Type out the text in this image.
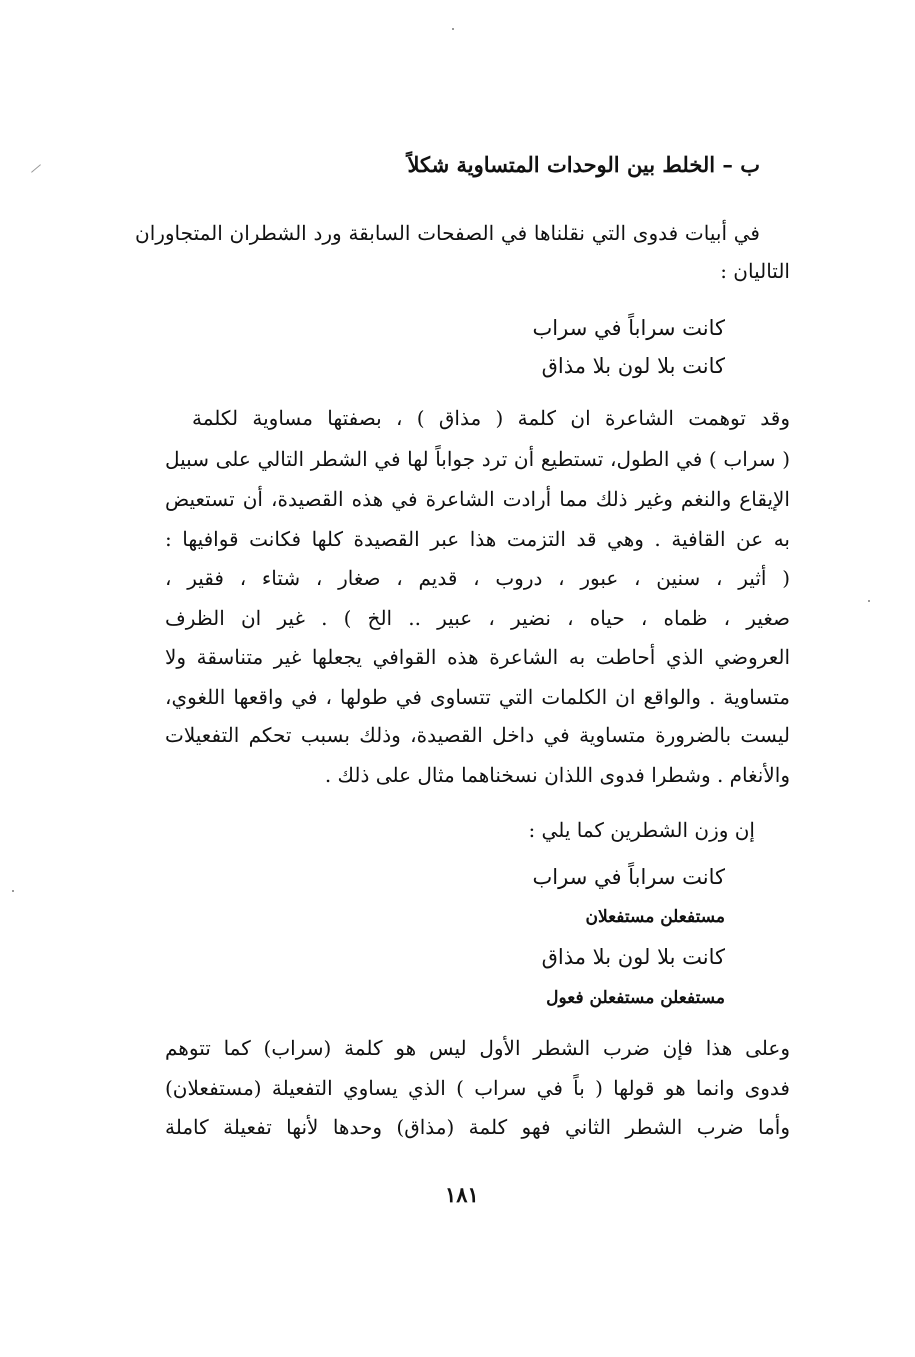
ب – الخلط بين الوحدات المتساوية شكلاً
في أبيات فدوى التي نقلناها في الصفحات السابقة ورد الشطران المتجاوران
التاليان :
كانت سراباً في سراب
كانت بلا لون بلا مذاق
وقد توهمت الشاعرة ان كلمة ( مذاق ) ، بصفتها مساوية لكلمة
( سراب ) في الطول، تستطيع أن ترد جواباً لها في الشطر التالي على سبيل
الإيقاع والنغم وغير ذلك مما أرادت الشاعرة في هذه القصيدة، أن تستعيض
به عن القافية . وهي قد التزمت هذا عبر القصيدة كلها فكانت قوافيها :
( أثير ، سنين ، عبور ، دروب ، قديم ، صغار ، شتاء ، فقير ،
صغير ، ظماه ، حياه ، نضير ، عبير .. الخ ) . غير ان الظرف
العروضي الذي أحاطت به الشاعرة هذه القوافي يجعلها غير متناسقة ولا
متساوية . والواقع ان الكلمات التي تتساوى في طولها ، في واقعها اللغوي،
ليست بالضرورة متساوية في داخل القصيدة، وذلك بسبب تحكم التفعيلات
والأنغام . وشطرا فدوى اللذان نسخناهما مثال على ذلك .
إن وزن الشطرين كما يلي :
كانت سراباً في سراب
مستفعلن مستفعلان
كانت بلا لون بلا مذاق
مستفعلن مستفعلن فعول
وعلى هذا فإن ضرب الشطر الأول ليس هو كلمة (سراب) كما تتوهم
فدوى وانما هو قولها ( باً في سراب ) الذي يساوي التفعيلة (مستفعلان)
وأما ضرب الشطر الثاني فهو كلمة (مذاق) وحدها لأنها تفعيلة كاملة
١٨١
